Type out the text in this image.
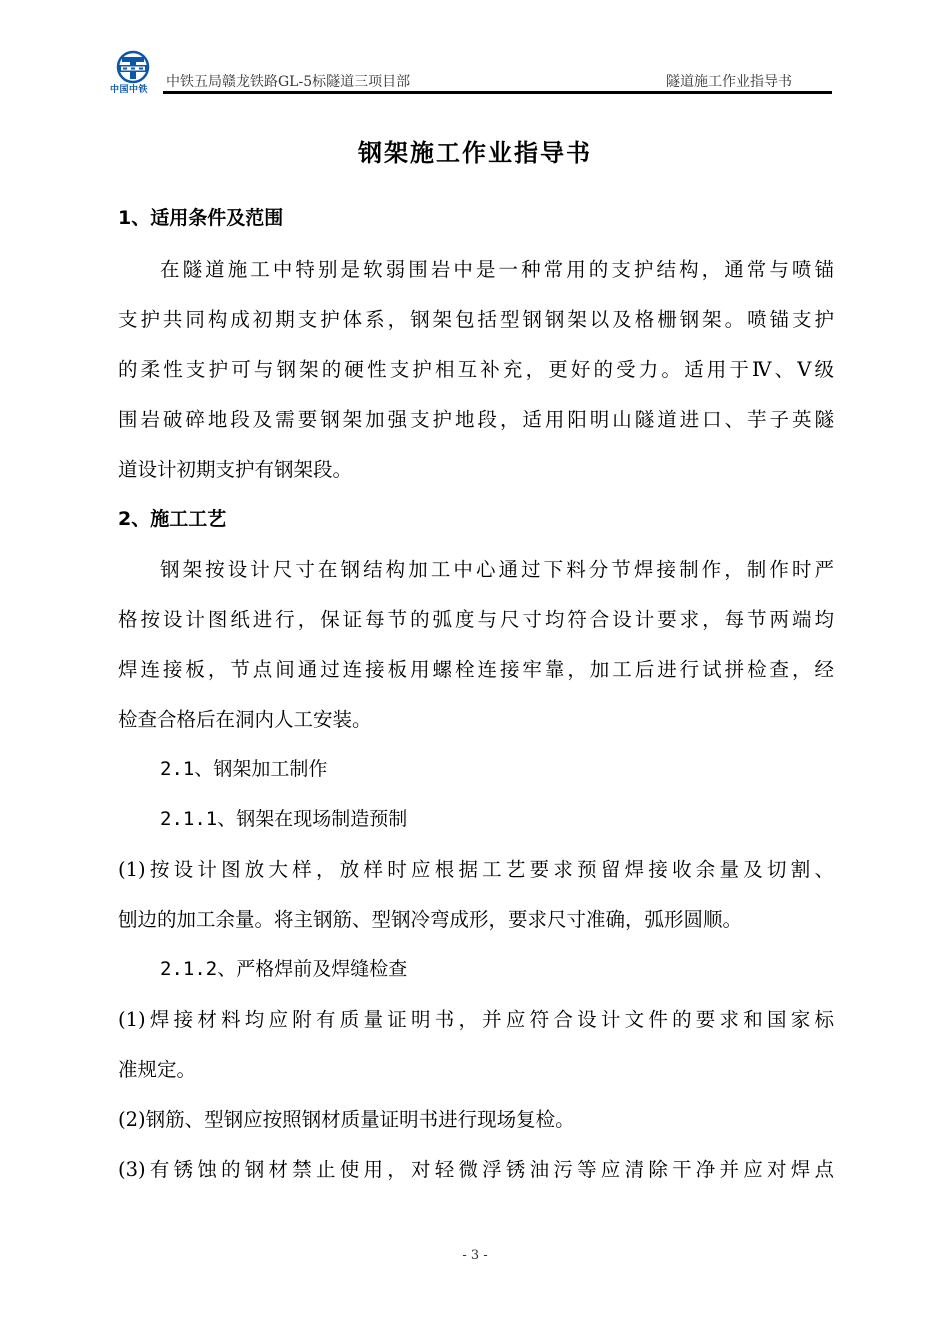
中国中铁 中铁五局赣龙铁路GL-5标隧道三项目部	隧道施工作业指导书
钢架施工作业指导书
1、适用条件及范围
在隧道施工中特别是软弱围岩中是一种常用的支护结构，通常与喷锚
支护共同构成初期支护体系，钢架包括型钢钢架以及格栅钢架。喷锚支护
的柔性支护可与钢架的硬性支护相互补充，更好的受力。适用于Ⅳ、Ⅴ级
围岩破碎地段及需要钢架加强支护地段，适用阳明山隧道进口、芋子英隧
道设计初期支护有钢架段。
2、施工工艺
钢架按设计尺寸在钢结构加工中心通过下料分节焊接制作，制作时严
格按设计图纸进行，保证每节的弧度与尺寸均符合设计要求，每节两端均
焊连接板，节点间通过连接板用螺栓连接牢靠，加工后进行试拼检查，经
检查合格后在洞内人工安装。
2.1、钢架加工制作
2.1.1、钢架在现场制造预制
(1)按设计图放大样，放样时应根据工艺要求预留焊接收余量及切割、
刨边的加工余量。将主钢筋、型钢冷弯成形，要求尺寸准确，弧形圆顺。
2.1.2、严格焊前及焊缝检查
(1)焊接材料均应附有质量证明书，并应符合设计文件的要求和国家标
准规定。
(2)钢筋、型钢应按照钢材质量证明书进行现场复检。
(3)有锈蚀的钢材禁止使用，对轻微浮锈油污等应清除干净并应对焊点
- 3 -
